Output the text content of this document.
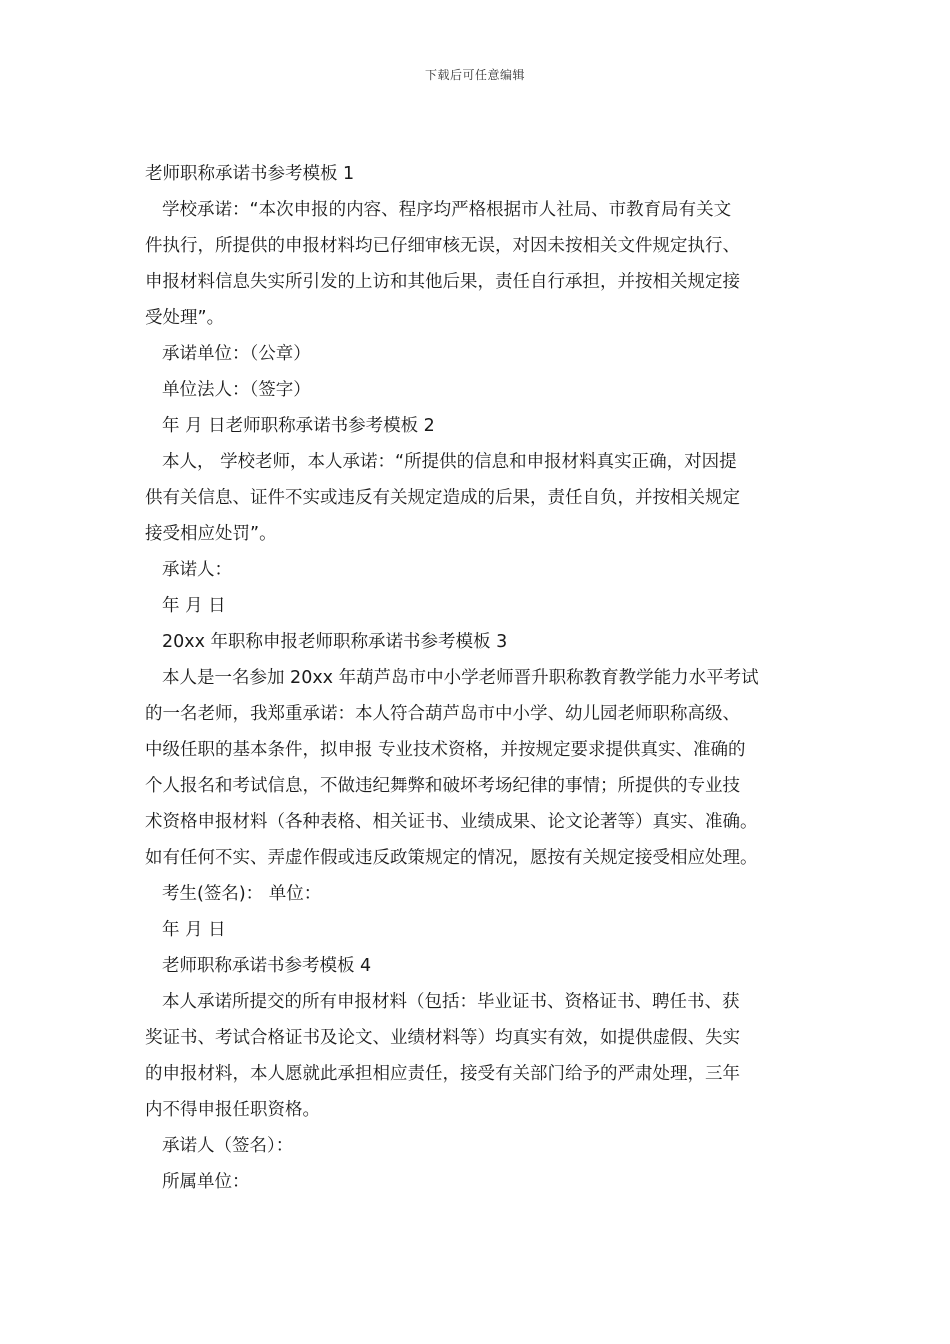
下载后可任意编辑
老师职称承诺书参考模板 1
学校承诺：“本次申报的内容、程序均严格根据市人社局、市教育局有关文
件执行，所提供的申报材料均已仔细审核无误，对因未按相关文件规定执行、
申报材料信息失实所引发的上访和其他后果，责任自行承担，并按相关规定接
受处理”。
承诺单位：（公章）
单位法人：（签字）
年 月 日老师职称承诺书参考模板 2
本人， 学校老师，本人承诺：“所提供的信息和申报材料真实正确，对因提
供有关信息、证件不实或违反有关规定造成的后果，责任自负，并按相关规定
接受相应处罚”。
承诺人：
年 月 日
20xx 年职称申报老师职称承诺书参考模板 3
本人是一名参加 20xx 年葫芦岛市中小学老师晋升职称教育教学能力水平考试
的一名老师，我郑重承诺：本人符合葫芦岛市中小学、幼儿园老师职称高级、
中级任职的基本条件，拟申报 专业技术资格，并按规定要求提供真实、准确的
个人报名和考试信息，不做违纪舞弊和破坏考场纪律的事情；所提供的专业技
术资格申报材料（各种表格、相关证书、业绩成果、论文论著等）真实、准确。
如有任何不实、弄虚作假或违反政策规定的情况，愿按有关规定接受相应处理。
考生(签名)： 单位：
年 月 日
老师职称承诺书参考模板 4
本人承诺所提交的所有申报材料（包括：毕业证书、资格证书、聘任书、获
奖证书、考试合格证书及论文、业绩材料等）均真实有效，如提供虚假、失实
的申报材料，本人愿就此承担相应责任，接受有关部门给予的严肃处理，三年
内不得申报任职资格。
承诺人（签名）：
所属单位：
